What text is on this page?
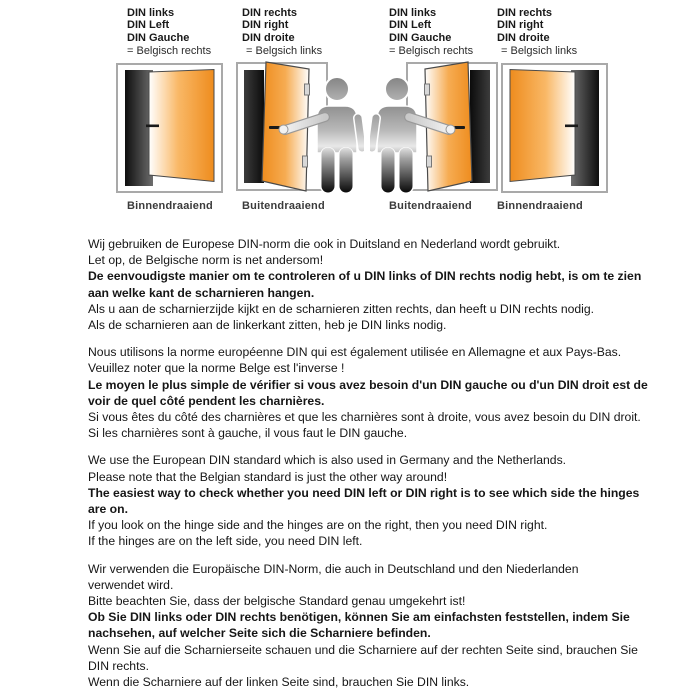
DIN links
DIN Left
DIN Gauche
= Belgisch rechts
DIN rechts
DIN right
DIN droite
= Belgsich links
DIN links
DIN Left
DIN Gauche
= Belgisch rechts
DIN rechts
DIN right
DIN droite
= Belgsich links
Binnendraaiend	Buitendraaiend	Buitendraaiend Binnendraaiend
Wij gebruiken de Europese DIN-norm die ook in Duitsland en Nederland wordt gebruikt.
Let op, de Belgische norm is net andersom!
De eenvoudigste manier om te controleren of u DIN links of DIN rechts nodig hebt, is om te zien
aan welke kant de scharnieren hangen.
Als u aan de scharnierzijde kijkt en de scharnieren zitten rechts, dan heeft u DIN rechts nodig.
Als de scharnieren aan de linkerkant zitten, heb je DIN links nodig.
Nous utilisons la norme européenne DIN qui est également utilisée en Allemagne et aux Pays-Bas.
Veuillez noter que la norme Belge est l'inverse !
Le moyen le plus simple de vérifier si vous avez besoin d'un DIN gauche ou d'un DIN droit est de
voir de quel côté pendent les charnières.
Si vous êtes du côté des charnières et que les charnières sont à droite, vous avez besoin du DIN droit.
Si les charnières sont à gauche, il vous faut le DIN gauche.
We use the European DIN standard which is also used in Germany and the Netherlands.
Please note that the Belgian standard is just the other way around!
The easiest way to check whether you need DIN left or DIN right is to see which side the hinges
are on.
If you look on the hinge side and the hinges are on the right, then you need DIN right.
If the hinges are on the left side, you need DIN left.
Wir verwenden die Europäische DIN-Norm, die auch in Deutschland und den Niederlanden
verwendet wird.
Bitte beachten Sie, dass der belgische Standard genau umgekehrt ist!
Ob Sie DIN links oder DIN rechts benötigen, können Sie am einfachsten feststellen, indem Sie
nachsehen, auf welcher Seite sich die Scharniere befinden.
Wenn Sie auf die Scharnierseite schauen und die Scharniere auf der rechten Seite sind, brauchen Sie
DIN rechts.
Wenn die Scharniere auf der linken Seite sind, brauchen Sie DIN links.
